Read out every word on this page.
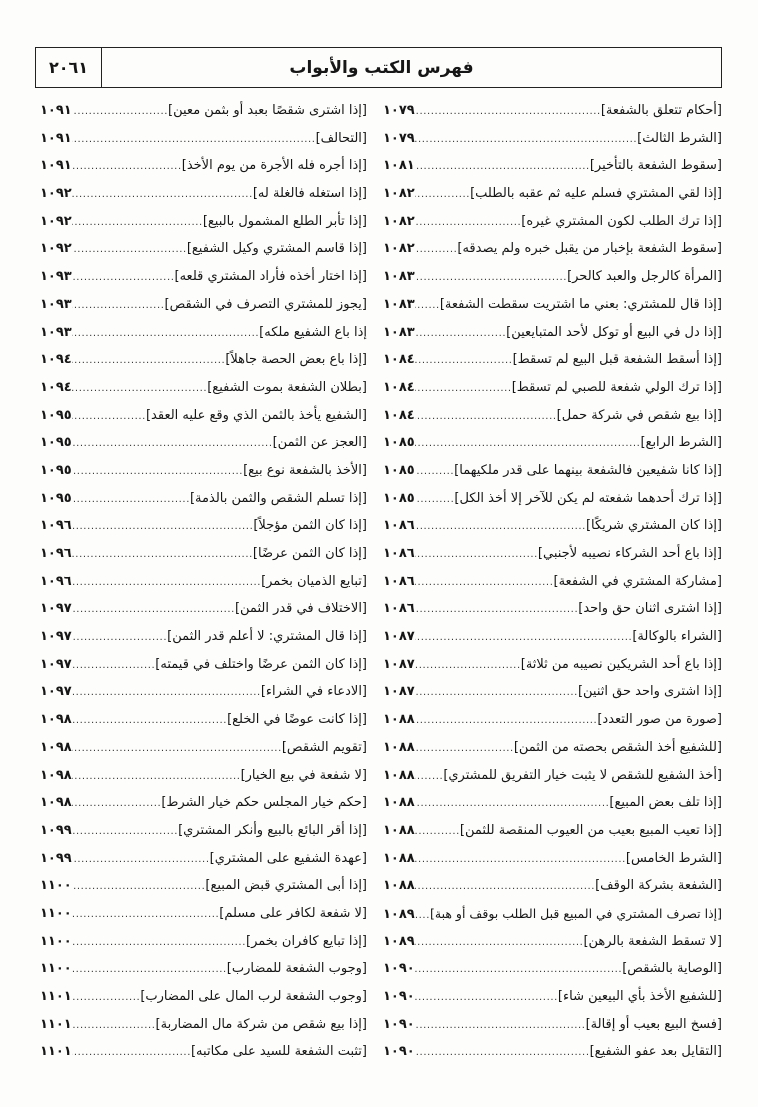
٢٠٦١	فهرس الكتب والأبواب
[أحكام تتعلق بالشفعة]
.....
١٠٧٩
[الشرط الثالث]
.....
١٠٧٩
[سقوط الشفعة بالتأخير]
.....
١٠٨١
[إذا لقي المشتري فسلم عليه ثم عقبه بالطلب]
.....
١٠٨٢
[إذا ترك الطلب لكون المشتري غيره]
.....
١٠٨٢
[سقوط الشفعة بإخبار من يقبل خبره ولم يصدقه]
.....
١٠٨٢
[المرأة كالرجل والعبد كالحر]
.....
١٠٨٣
[إذا قال للمشتري: بعني ما اشتريت سقطت الشفعة]
.....
١٠٨٣
[إذا دل في البيع أو توكل لأحد المتبايعين]
.....
١٠٨٣
[إذا أسقط الشفعة قبل البيع لم تسقط]
.....
١٠٨٤
[إذا ترك الولي شفعة للصبي لم تسقط]
.....
١٠٨٤
[إذا بيع شقص في شركة حمل]
.....
١٠٨٤
[الشرط الرابع]
.....
١٠٨٥
[إذا كانا شفيعين فالشفعة بينهما على قدر ملكيهما]
.....
١٠٨٥
[إذا ترك أحدهما شفعته لم يكن للآخر إلا أخذ الكل]
.....
١٠٨٥
[إذا كان المشتري شريكًا]
.....
١٠٨٦
[إذا باع أحد الشركاء نصيبه لأجنبي]
.....
١٠٨٦
[مشاركة المشتري في الشفعة]
.....
١٠٨٦
[إذا اشترى اثنان حق واحد]
.....
١٠٨٦
[الشراء بالوكالة]
.....
١٠٨٧
[إذا باع أحد الشريكين نصيبه من ثلاثة]
.....
١٠٨٧
[إذا اشترى واحد حق اثنين]
.....
١٠٨٧
[صورة من صور التعدد]
.....
١٠٨٨
[للشفيع أخذ الشقص بحصته من الثمن]
.....
١٠٨٨
[أخذ الشفيع للشقص لا يثبت خيار التفريق للمشتري]
.....
١٠٨٨
[إذا تلف بعض المبيع]
.....
١٠٨٨
[إذا تعيب المبيع بعيب من العيوب المنقصة للثمن]
.....
١٠٨٨
[الشرط الخامس]
.....
١٠٨٨
[الشفعة بشركة الوقف]
.....
١٠٨٨
[إذا تصرف المشتري في المبيع قبل الطلب بوقف أو هبة]
.....
١٠٨٩
[لا تسقط الشفعة بالرهن]
.....
١٠٨٩
[الوصاية بالشقص]
.....
١٠٩٠
[للشفيع الأخذ بأي البيعين شاء]
.....
١٠٩٠
[فسخ البيع بعيب أو إقالة]
.....
١٠٩٠
[التقايل بعد عفو الشفيع]
.....
١٠٩٠
[إذا اشترى شقصًا بعبد أو بثمن معين]
.....
١٠٩١
[التحالف]
.....
١٠٩١
[إذا أجره فله الأجرة من يوم الأخذ]
.....
١٠٩١
[إذا استغله فالغلة له]
.....
١٠٩٢
[إذا تأبر الطلع المشمول بالبيع]
.....
١٠٩٢
[إذا قاسم المشتري وكيل الشفيع]
.....
١٠٩٢
[إذا اختار أخذه فأراد المشتري قلعه]
.....
١٠٩٣
[يجوز للمشتري التصرف في الشقص]
.....
١٠٩٣
إذا باع الشفيع ملكه]
.....
١٠٩٣
[إذا باع بعض الحصة جاهلاً]
.....
١٠٩٤
[بطلان الشفعة بموت الشفيع]
.....
١٠٩٤
[الشفيع يأخذ بالثمن الذي وقع عليه العقد]
.....
١٠٩٥
[العجز عن الثمن]
.....
١٠٩٥
[الأخذ بالشفعة نوع بيع]
.....
١٠٩٥
[إذا تسلم الشقص والثمن بالذمة]
.....
١٠٩٥
[إذا كان الثمن مؤجلاً]
.....
١٠٩٦
[إذا كان الثمن عرضًا]
.....
١٠٩٦
[تبايع الذميان بخمر]
.....
١٠٩٦
[الاختلاف في قدر الثمن]
.....
١٠٩٧
[إذا قال المشتري: لا أعلم قدر الثمن]
.....
١٠٩٧
[إذا كان الثمن عرضًا واختلف في قيمته]
.....
١٠٩٧
[الادعاء في الشراء]
.....
١٠٩٧
[إذا كانت عوضًا في الخلع]
.....
١٠٩٨
[تقويم الشقص]
.....
١٠٩٨
[لا شفعة في بيع الخيار]
.....
١٠٩٨
[حكم خيار المجلس حكم خيار الشرط]
.....
١٠٩٨
[إذا أقر البائع بالبيع وأنكر المشتري]
.....
١٠٩٩
[عهدة الشفيع على المشتري]
.....
١٠٩٩
[إذا أبى المشتري قبض المبيع]
.....
١١٠٠
[لا شفعة لكافر على مسلم]
.....
١١٠٠
[إذا تبايع كافران بخمر]
.....
١١٠٠
[وجوب الشفعة للمضارب]
.....
١١٠٠
[وجوب الشفعة لرب المال على المضارب]
.....
١١٠١
[إذا بيع شقص من شركة مال المضاربة]
.....
١١٠١
[تثبت الشفعة للسيد على مكاتبه]
.....
١١٠١
